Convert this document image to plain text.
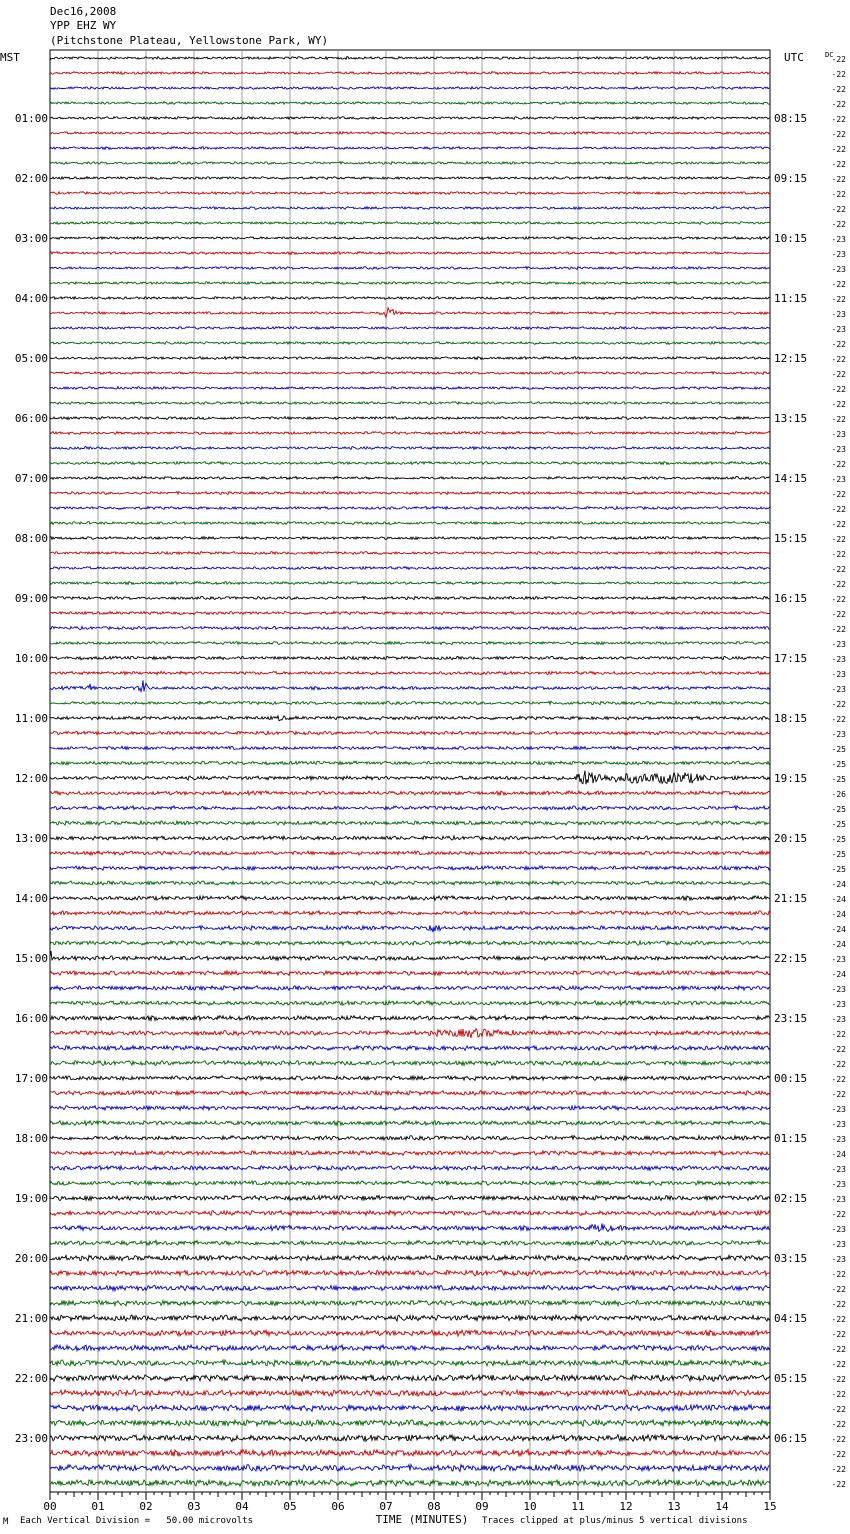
Dec16,2008
YPP EHZ WY
(Pitchstone Plateau, Yellowstone Park, WY)
MST	UTC
00	01	02	03	04	05	06	07	08	09	10	11	12	13	14	15
TIME (MINUTES)
-22
-22
-22
-22
-22
01:00	08:15
-22
-22
-22
-22
02:00	09:15
-22
-22
-22
-23
03:00	10:15
-23
-23
-22
-22
04:00	11:15
-23
-23
-22
-22
05:00	12:15
-22
-22
-22
-22
06:00	13:15
-23
-23
-22
-23
07:00	14:15
-22
-22
-22
-22
08:00	15:15
-22
-22
-22
-22
09:00	16:15
-22
-22
-23
-23
10:00	17:15
-23
-23
-22
-22
11:00	18:15
-23
-25
-25
-25
12:00	19:15
-26
-25
-25
-25
13:00	20:15
-25
-25
-24
-24
14:00	21:15
-24
-24
-24
-23
15:00	22:15
-24
-23
-23
-23
16:00	23:15
-22
-22
-22
-22
17:00	00:15
-22
-23
-23
-23
18:00	01:15
-24
-23
-23
-23
19:00	02:15
-22
-23
-23
-23
20:00	03:15
-22
-22
-22
-22
21:00	04:15
-22
-22
-22
-22
22:00	05:15
-22
-22
-22
-22
23:00	06:15
-22
-22
-22
DC
M Each Vertical Division =   50.00 microvolts	Traces clipped at plus/minus 5 vertical divisions
